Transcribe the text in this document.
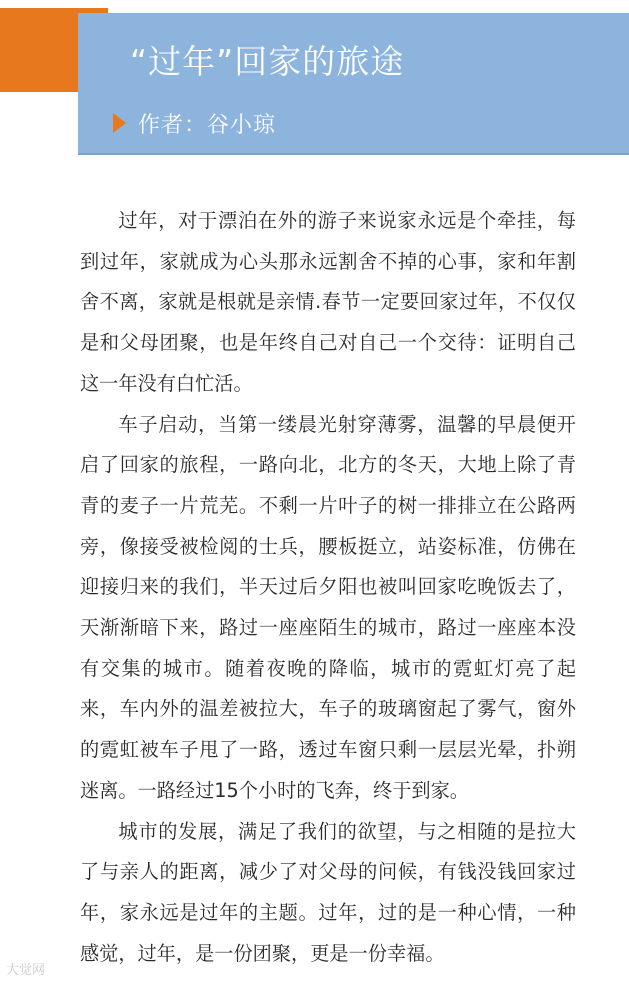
“过年”回家的旅途
作者：谷小琼

过年，对于漂泊在外的游子来说家永远是个牵挂，每到过年，家就成为心头那永远割舍不掉的心事，家和年割舍不离，家就是根就是亲情.春节一定要回家过年，不仅仅是和父母团聚，也是年终自己对自己一个交待：证明自己这一年没有白忙活。

车子启动，当第一缕晨光射穿薄雾，温馨的早晨便开启了回家的旅程，一路向北，北方的冬天，大地上除了青青的麦子一片荒芜。不剩一片叶子的树一排排立在公路两旁，像接受被检阅的士兵，腰板挺立，站姿标准，仿佛在迎接归来的我们，半天过后夕阳也被叫回家吃晚饭去了，天渐渐暗下来，路过一座座陌生的城市，路过一座座本没有交集的城市。随着夜晚的降临，城市的霓虹灯亮了起来，车内外的温差被拉大，车子的玻璃窗起了雾气，窗外的霓虹被车子甩了一路，透过车窗只剩一层层光晕，扑朔迷离。一路经过15个小时的飞奔，终于到家。

城市的发展，满足了我们的欲望，与之相随的是拉大了与亲人的距离，减少了对父母的问候，有钱没钱回家过年，家永远是过年的主题。过年，过的是一种心情，一种感觉，过年，是一份团聚，更是一份幸福。

大觉网
